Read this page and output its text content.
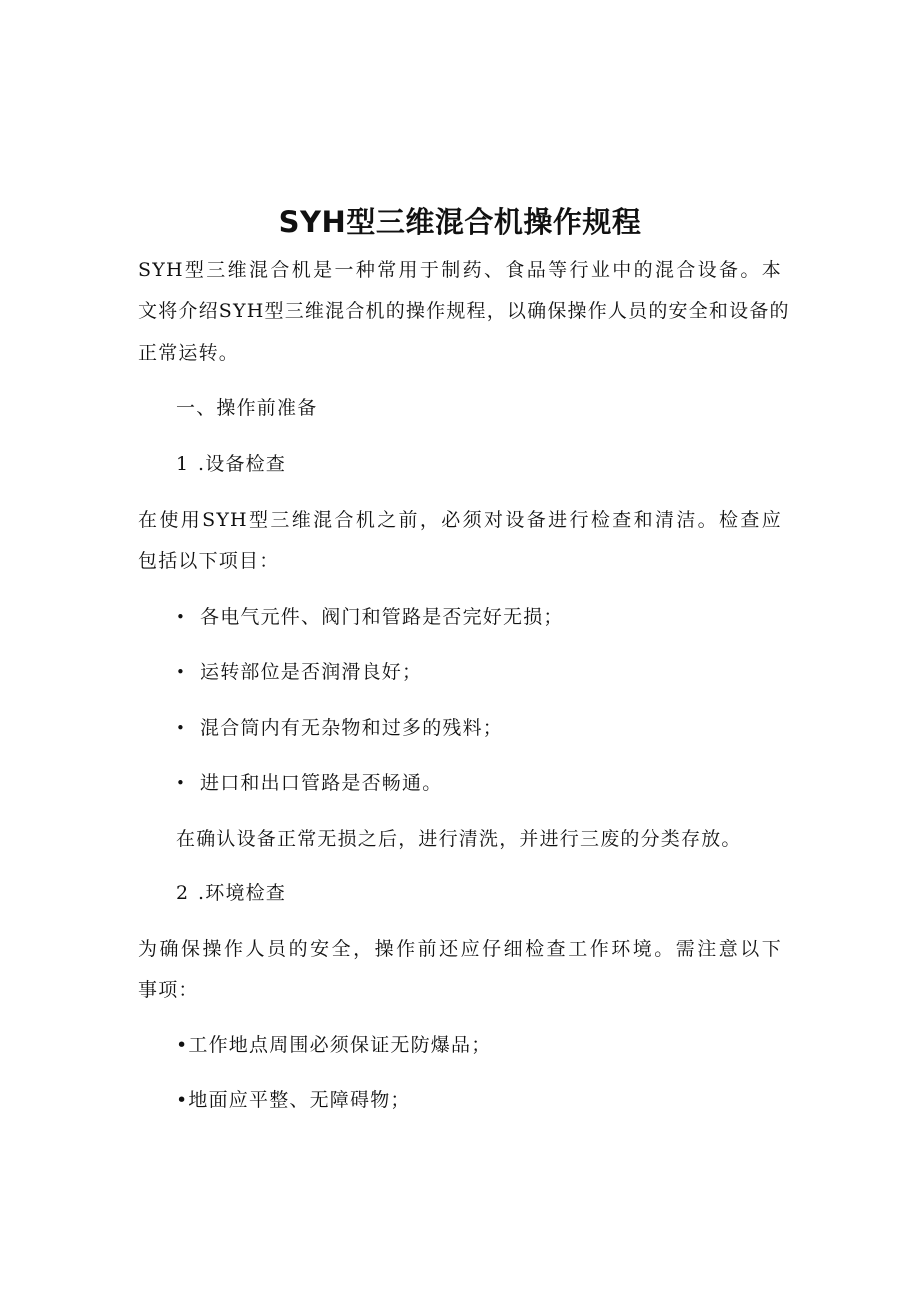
SYH型三维混合机操作规程
SYH型三维混合机是一种常用于制药、食品等行业中的混合设备。本
文将介绍SYH型三维混合机的操作规程，以确保操作人员的安全和设备的
正常运转。
一、操作前准备
1 .设备检查
在使用SYH型三维混合机之前，必须对设备进行检查和清洁。检查应
包括以下项目：
• 各电气元件、阀门和管路是否完好无损；
• 运转部位是否润滑良好；
• 混合筒内有无杂物和过多的残料；
• 进口和出口管路是否畅通。
在确认设备正常无损之后，进行清洗，并进行三废的分类存放。
2 .环境检查
为确保操作人员的安全，操作前还应仔细检查工作环境。需注意以下
事项：
•工作地点周围必须保证无防爆品；
•地面应平整、无障碍物；
